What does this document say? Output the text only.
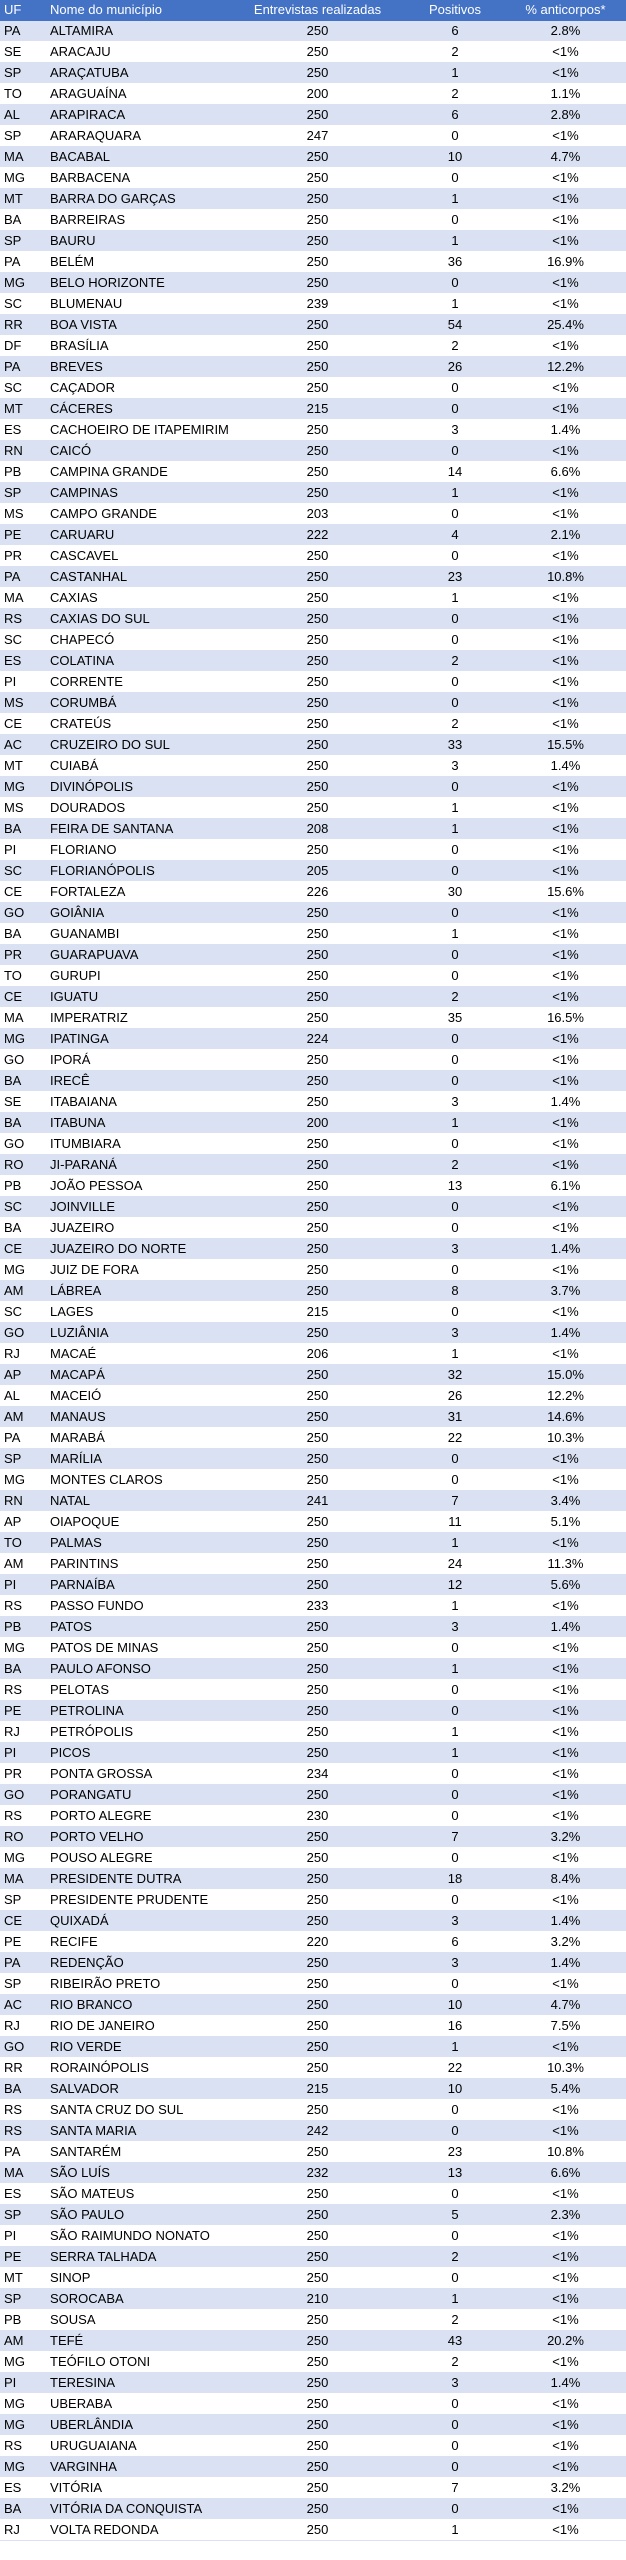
UF	Nome do município	Entrevistas realizadas	Positivos	% anticorpos*
PA	ALTAMIRA	250	6	2.8%
SE	ARACAJU	250	2	<1%
SP	ARAÇATUBA	250	1	<1%
TO	ARAGUAÍNA	200	2	1.1%
AL	ARAPIRACA	250	6	2.8%
SP	ARARAQUARA	247	0	<1%
MA	BACABAL	250	10	4.7%
MG	BARBACENA	250	0	<1%
MT	BARRA DO GARÇAS	250	1	<1%
BA	BARREIRAS	250	0	<1%
SP	BAURU	250	1	<1%
PA	BELÉM	250	36	16.9%
MG	BELO HORIZONTE	250	0	<1%
SC	BLUMENAU	239	1	<1%
RR	BOA VISTA	250	54	25.4%
DF	BRASÍLIA	250	2	<1%
PA	BREVES	250	26	12.2%
SC	CAÇADOR	250	0	<1%
MT	CÁCERES	215	0	<1%
ES	CACHOEIRO DE ITAPEMIRIM	250	3	1.4%
RN	CAICÓ	250	0	<1%
PB	CAMPINA GRANDE	250	14	6.6%
SP	CAMPINAS	250	1	<1%
MS	CAMPO GRANDE	203	0	<1%
PE	CARUARU	222	4	2.1%
PR	CASCAVEL	250	0	<1%
PA	CASTANHAL	250	23	10.8%
MA	CAXIAS	250	1	<1%
RS	CAXIAS DO SUL	250	0	<1%
SC	CHAPECÓ	250	0	<1%
ES	COLATINA	250	2	<1%
PI	CORRENTE	250	0	<1%
MS	CORUMBÁ	250	0	<1%
CE	CRATEÚS	250	2	<1%
AC	CRUZEIRO DO SUL	250	33	15.5%
MT	CUIABÁ	250	3	1.4%
MG	DIVINÓPOLIS	250	0	<1%
MS	DOURADOS	250	1	<1%
BA	FEIRA DE SANTANA	208	1	<1%
PI	FLORIANO	250	0	<1%
SC	FLORIANÓPOLIS	205	0	<1%
CE	FORTALEZA	226	30	15.6%
GO	GOIÂNIA	250	0	<1%
BA	GUANAMBI	250	1	<1%
PR	GUARAPUAVA	250	0	<1%
TO	GURUPI	250	0	<1%
CE	IGUATU	250	2	<1%
MA	IMPERATRIZ	250	35	16.5%
MG	IPATINGA	224	0	<1%
GO	IPORÁ	250	0	<1%
BA	IRECÊ	250	0	<1%
SE	ITABAIANA	250	3	1.4%
BA	ITABUNA	200	1	<1%
GO	ITUMBIARA	250	0	<1%
RO	JI-PARANÁ	250	2	<1%
PB	JOÃO PESSOA	250	13	6.1%
SC	JOINVILLE	250	0	<1%
BA	JUAZEIRO	250	0	<1%
CE	JUAZEIRO DO NORTE	250	3	1.4%
MG	JUIZ DE FORA	250	0	<1%
AM	LÁBREA	250	8	3.7%
SC	LAGES	215	0	<1%
GO	LUZIÂNIA	250	3	1.4%
RJ	MACAÉ	206	1	<1%
AP	MACAPÁ	250	32	15.0%
AL	MACEIÓ	250	26	12.2%
AM	MANAUS	250	31	14.6%
PA	MARABÁ	250	22	10.3%
SP	MARÍLIA	250	0	<1%
MG	MONTES CLAROS	250	0	<1%
RN	NATAL	241	7	3.4%
AP	OIAPOQUE	250	11	5.1%
TO	PALMAS	250	1	<1%
AM	PARINTINS	250	24	11.3%
PI	PARNAÍBA	250	12	5.6%
RS	PASSO FUNDO	233	1	<1%
PB	PATOS	250	3	1.4%
MG	PATOS DE MINAS	250	0	<1%
BA	PAULO AFONSO	250	1	<1%
RS	PELOTAS	250	0	<1%
PE	PETROLINA	250	0	<1%
RJ	PETRÓPOLIS	250	1	<1%
PI	PICOS	250	1	<1%
PR	PONTA GROSSA	234	0	<1%
GO	PORANGATU	250	0	<1%
RS	PORTO ALEGRE	230	0	<1%
RO	PORTO VELHO	250	7	3.2%
MG	POUSO ALEGRE	250	0	<1%
MA	PRESIDENTE DUTRA	250	18	8.4%
SP	PRESIDENTE PRUDENTE	250	0	<1%
CE	QUIXADÁ	250	3	1.4%
PE	RECIFE	220	6	3.2%
PA	REDENÇÃO	250	3	1.4%
SP	RIBEIRÃO PRETO	250	0	<1%
AC	RIO BRANCO	250	10	4.7%
RJ	RIO DE JANEIRO	250	16	7.5%
GO	RIO VERDE	250	1	<1%
RR	RORAINÓPOLIS	250	22	10.3%
BA	SALVADOR	215	10	5.4%
RS	SANTA CRUZ DO SUL	250	0	<1%
RS	SANTA MARIA	242	0	<1%
PA	SANTARÉM	250	23	10.8%
MA	SÃO LUÍS	232	13	6.6%
ES	SÃO MATEUS	250	0	<1%
SP	SÃO PAULO	250	5	2.3%
PI	SÃO RAIMUNDO NONATO	250	0	<1%
PE	SERRA TALHADA	250	2	<1%
MT	SINOP	250	0	<1%
SP	SOROCABA	210	1	<1%
PB	SOUSA	250	2	<1%
AM	TEFÉ	250	43	20.2%
MG	TEÓFILO OTONI	250	2	<1%
PI	TERESINA	250	3	1.4%
MG	UBERABA	250	0	<1%
MG	UBERLÂNDIA	250	0	<1%
RS	URUGUAIANA	250	0	<1%
MG	VARGINHA	250	0	<1%
ES	VITÓRIA	250	7	3.2%
BA	VITÓRIA DA CONQUISTA	250	0	<1%
RJ	VOLTA REDONDA	250	1	<1%
